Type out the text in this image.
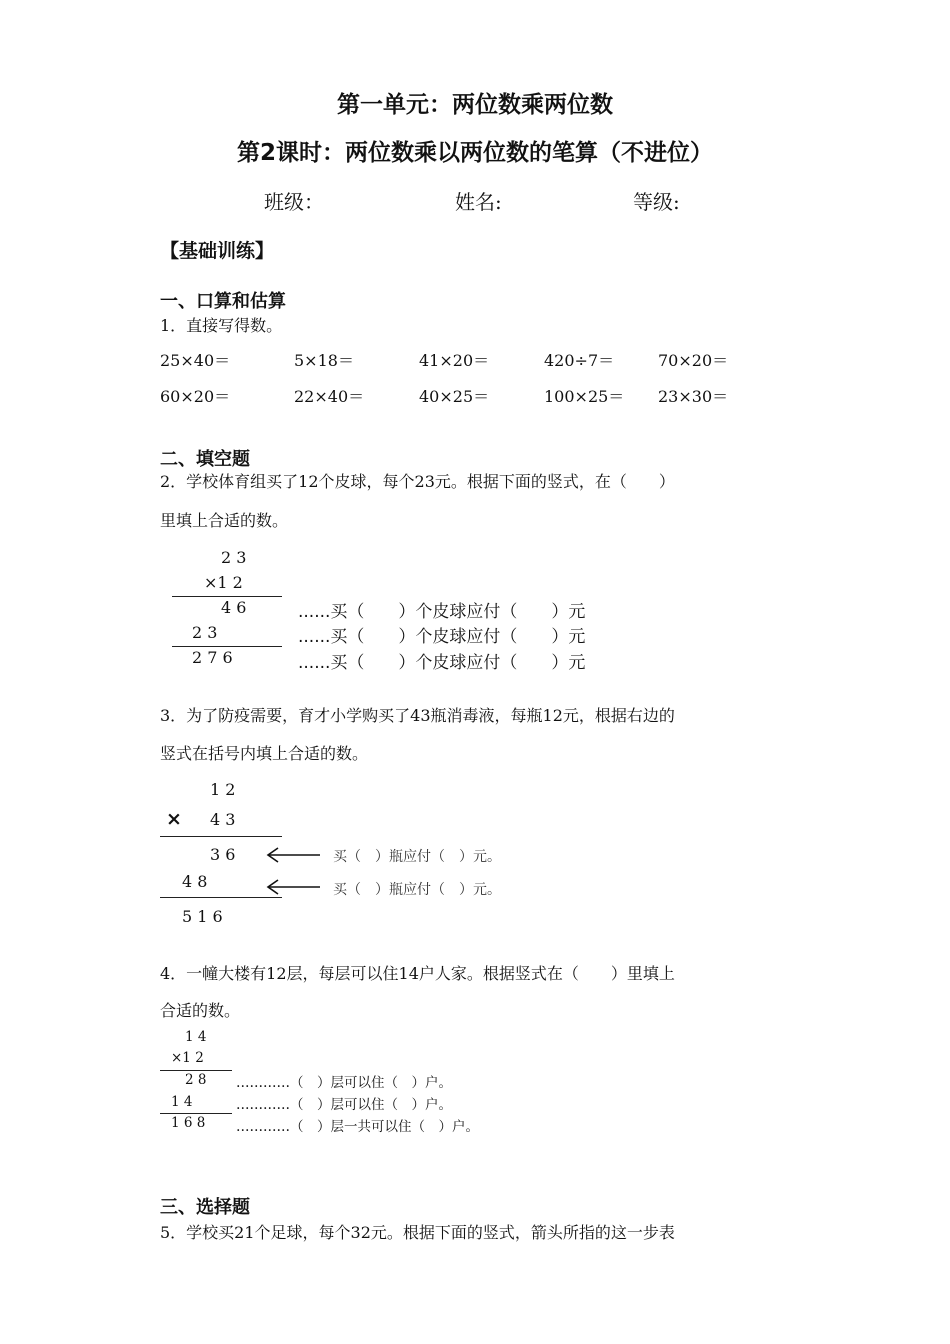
第一单元：两位数乘两位数
第2课时：两位数乘以两位数的笔算（不进位）
班级：	姓名:	等级:
【基础训练】
一、口算和估算
1．直接写得数。
25×40＝	5×18＝	41×20＝	420÷7＝	70×20＝
60×20＝	22×40＝	40×25＝	100×25＝ 23×30＝
二、填空题
2．学校体育组买了12个皮球，每个23元。根据下面的竖式，在（　　）
里填上合适的数。
2 3
×1 2
4 6
2 3
2 7 6
......买（　　）个皮球应付（　　）元
......买（　　）个皮球应付（　　）元
......买（　　）个皮球应付（　　）元
3．为了防疫需要，育才小学购买了43瓶消毒液，每瓶12元，根据右边的
竖式在括号内填上合适的数。
1 2
× 4 3
3 6
4 8
5 1 6
买（　）瓶应付（　）元。
买（　）瓶应付（　）元。
4．一幢大楼有12层，每层可以住14户人家。根据竖式在（　　）里填上
合适的数。
1 4
×1 2
2 8
1 4
1 6 8
…………（　）层可以住（　）户。
…………（　）层可以住（　）户。
…………（　）层一共可以住（　）户。
三、选择题
5．学校买21个足球，每个32元。根据下面的竖式，箭头所指的这一步表
